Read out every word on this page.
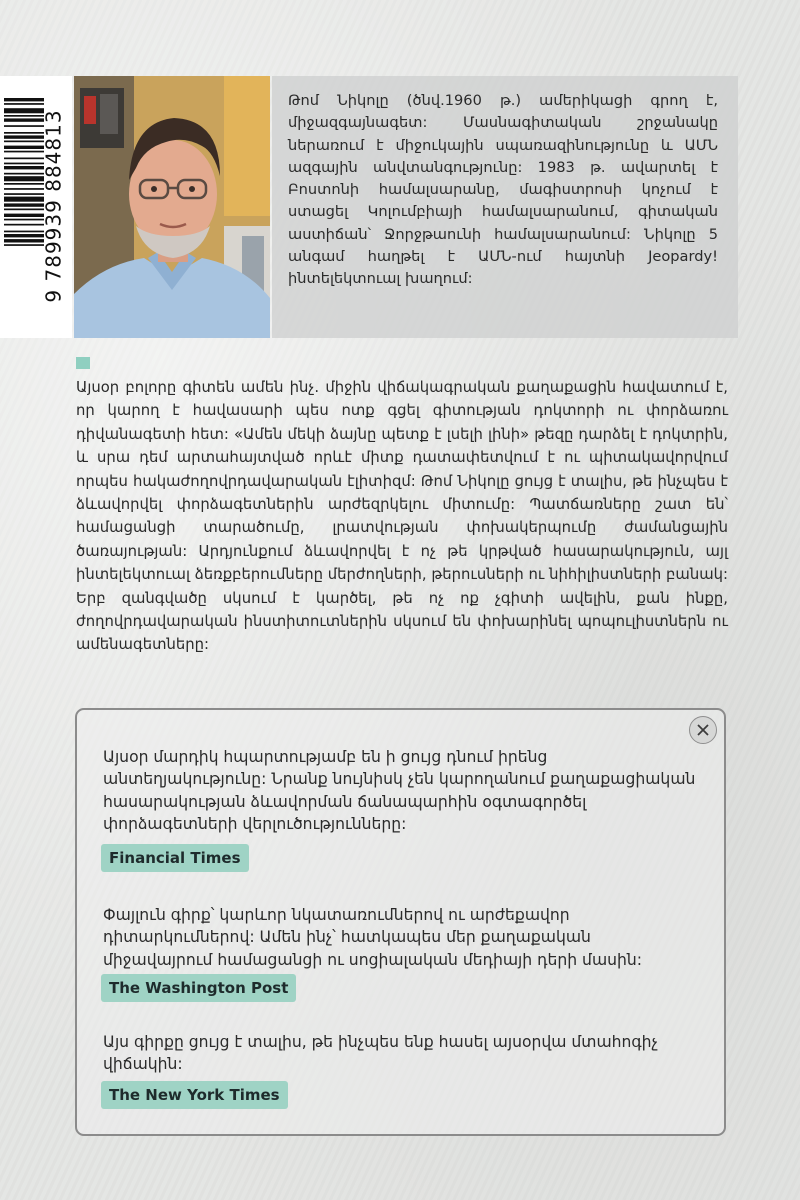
9 789939 884813

Թոմ Նիկոլը (ծնվ.1960 թ.) ամերիկացի գրող է, միջազգայնագետ: Մասնագիտական շրջանակը ներառում է միջուկային սպառազինությունը և ԱՄՆ ազգային անվտանգությունը: 1983 թ. ավարտել է Բոստոնի համալսարանը, մագիստրոսի կոչում է ստացել Կոլումբիայի համալսարանում, գիտական աստիճան՝ Ջորջթաունի համալսարանում: Նիկոլը 5 անգամ հաղթել է ԱՄՆ-ում հայտնի Jeopardy! ինտելեկտուալ խաղում:

Այսօր բոլորը գիտեն ամեն ինչ. միջին վիճակագրական քաղաքացին հավատում է, որ կարող է հավասարի պես ոտք գցել գիտության դոկտորի ու փորձառու դիվանագետի հետ: «Ամեն մեկի ձայնը պետք է լսելի լինի» թեզը դարձել է դոկտրին, և սրա դեմ արտահայտված որևէ միտք դատափետվում է ու պիտակավորվում որպես հակաժողովրդավարական էլիտիզմ: Թոմ Նիկոլը ցույց է տալիս, թե ինչպես է ձևավորվել փորձագետներին արժեզրկելու միտումը: Պատճառները շատ են՝ համացանցի տարածումը, լրատվության փոխակերպումը ժամանցային ծառայության: Արդյունքում ձևավորվել է ոչ թե կրթված հասարակություն, այլ ինտելեկտուալ ձեռքբերումները մերժողների, թերուսների ու նիհիլիստների բանակ: Երբ զանգվածը սկսում է կարծել, թե ոչ ոք չգիտի ավելին, քան ինքը, ժողովրդավարական ինստիտուտներին սկսում են փոխարինել պոպուլիստներն ու ամենագետները:

Այսօր մարդիկ հպարտությամբ են ի ցույց դնում իրենց անտեղյակությունը: Նրանք նույնիսկ չեն կարողանում քաղաքացիական հասարակության ձևավորման ճանապարհին օգտագործել փորձագետների վերլուծությունները:

Financial Times

Փայլուն գիրք՝ կարևոր նկատառումներով ու արժեքավոր դիտարկումներով: Ամեն ինչ՝ հատկապես մեր քաղաքական միջավայրում համացանցի ու սոցիալական մեդիայի դերի մասին:

The Washington Post

Այս գիրքը ցույց է տալիս, թե ինչպես ենք հասել այսօրվա մտահոգիչ վիճակին:

The New York Times
